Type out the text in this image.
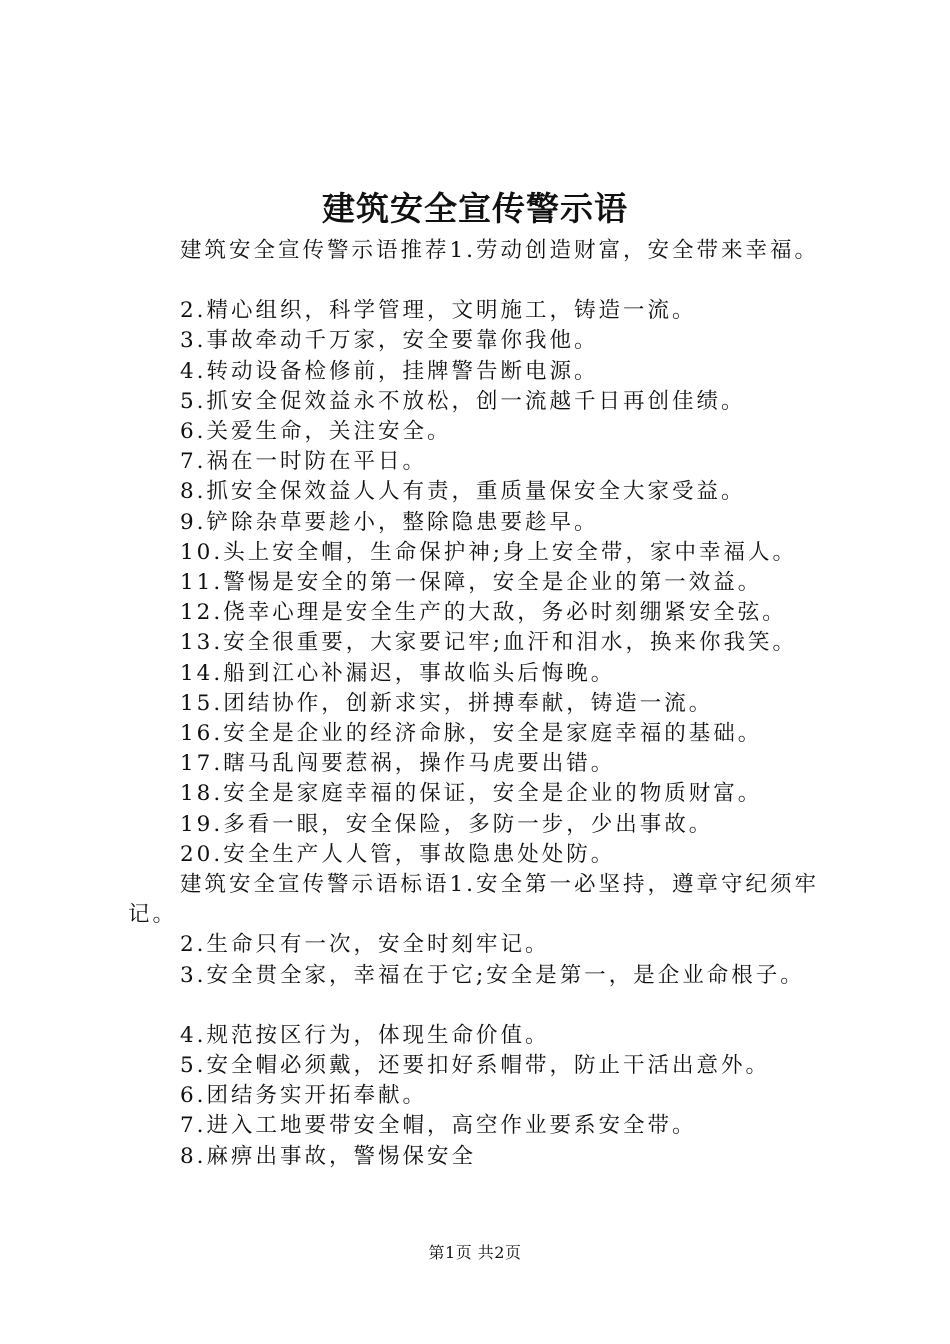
建筑安全宣传警示语

建筑安全宣传警示语推荐1.劳动创造财富，安全带来幸福。

2.精心组织，科学管理，文明施工，铸造一流。

3.事故牵动千万家，安全要靠你我他。

4.转动设备检修前，挂牌警告断电源。

5.抓安全促效益永不放松，创一流越千日再创佳绩。

6.关爱生命，关注安全。

7.祸在一时防在平日。

8.抓安全保效益人人有责，重质量保安全大家受益。

9.铲除杂草要趁小，整除隐患要趁早。

10.头上安全帽，生命保护神;身上安全带，家中幸福人。

11.警惕是安全的第一保障，安全是企业的第一效益。

12.侥幸心理是安全生产的大敌，务必时刻绷紧安全弦。

13.安全很重要，大家要记牢;血汗和泪水，换来你我笑。

14.船到江心补漏迟，事故临头后悔晚。

15.团结协作，创新求实，拼搏奉献，铸造一流。

16.安全是企业的经济命脉，安全是家庭幸福的基础。

17.瞎马乱闯要惹祸，操作马虎要出错。

18.安全是家庭幸福的保证，安全是企业的物质财富。

19.多看一眼，安全保险，多防一步，少出事故。

20.安全生产人人管，事故隐患处处防。

建筑安全宣传警示语标语1.安全第一必坚持，遵章守纪须牢记。

2.生命只有一次，安全时刻牢记。

3.安全贯全家，幸福在于它;安全是第一，是企业命根子。

4.规范按区行为，体现生命价值。

5.安全帽必须戴，还要扣好系帽带，防止干活出意外。

6.团结务实开拓奉献。

7.进入工地要带安全帽，高空作业要系安全带。

8.麻痹出事故，警惕保安全

第1页 共2页
